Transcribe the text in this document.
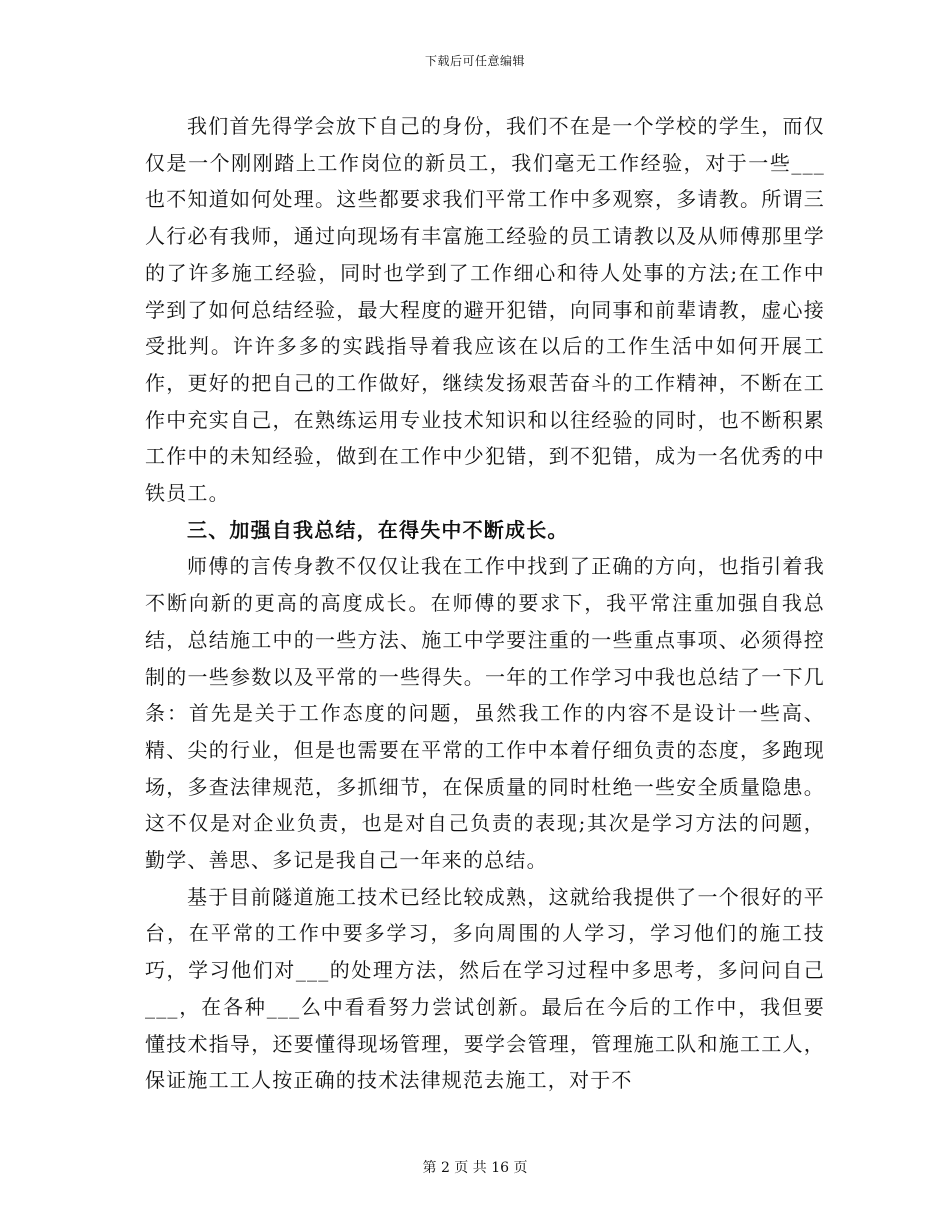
下载后可任意编辑

我们首先得学会放下自己的身份，我们不在是一个学校的学生，而仅仅是一个刚刚踏上工作岗位的新员工，我们毫无工作经验，对于一些___也不知道如何处理。这些都要求我们平常工作中多观察，多请教。所谓三人行必有我师，通过向现场有丰富施工经验的员工请教以及从师傅那里学的了许多施工经验，同时也学到了工作细心和待人处事的方法;在工作中学到了如何总结经验，最大程度的避开犯错，向同事和前辈请教，虚心接受批判。许许多多的实践指导着我应该在以后的工作生活中如何开展工作，更好的把自己的工作做好，继续发扬艰苦奋斗的工作精神，不断在工作中充实自己，在熟练运用专业技术知识和以往经验的同时，也不断积累工作中的未知经验，做到在工作中少犯错，到不犯错，成为一名优秀的中铁员工。

三、加强自我总结，在得失中不断成长。

师傅的言传身教不仅仅让我在工作中找到了正确的方向，也指引着我不断向新的更高的高度成长。在师傅的要求下，我平常注重加强自我总结，总结施工中的一些方法、施工中学要注重的一些重点事项、必须得控制的一些参数以及平常的一些得失。一年的工作学习中我也总结了一下几条：首先是关于工作态度的问题，虽然我工作的内容不是设计一些高、精、尖的行业，但是也需要在平常的工作中本着仔细负责的态度，多跑现场，多查法律规范，多抓细节，在保质量的同时杜绝一些安全质量隐患。这不仅是对企业负责，也是对自己负责的表现;其次是学习方法的问题，勤学、善思、多记是我自己一年来的总结。

基于目前隧道施工技术已经比较成熟，这就给我提供了一个很好的平台，在平常的工作中要多学习，多向周围的人学习，学习他们的施工技巧，学习他们对___的处理方法，然后在学习过程中多思考，多问问自己___，在各种___么中看看努力尝试创新。最后在今后的工作中，我但要懂技术指导，还要懂得现场管理，要学会管理，管理施工队和施工工人，保证施工工人按正确的技术法律规范去施工，对于不

第 2 页 共 16 页
